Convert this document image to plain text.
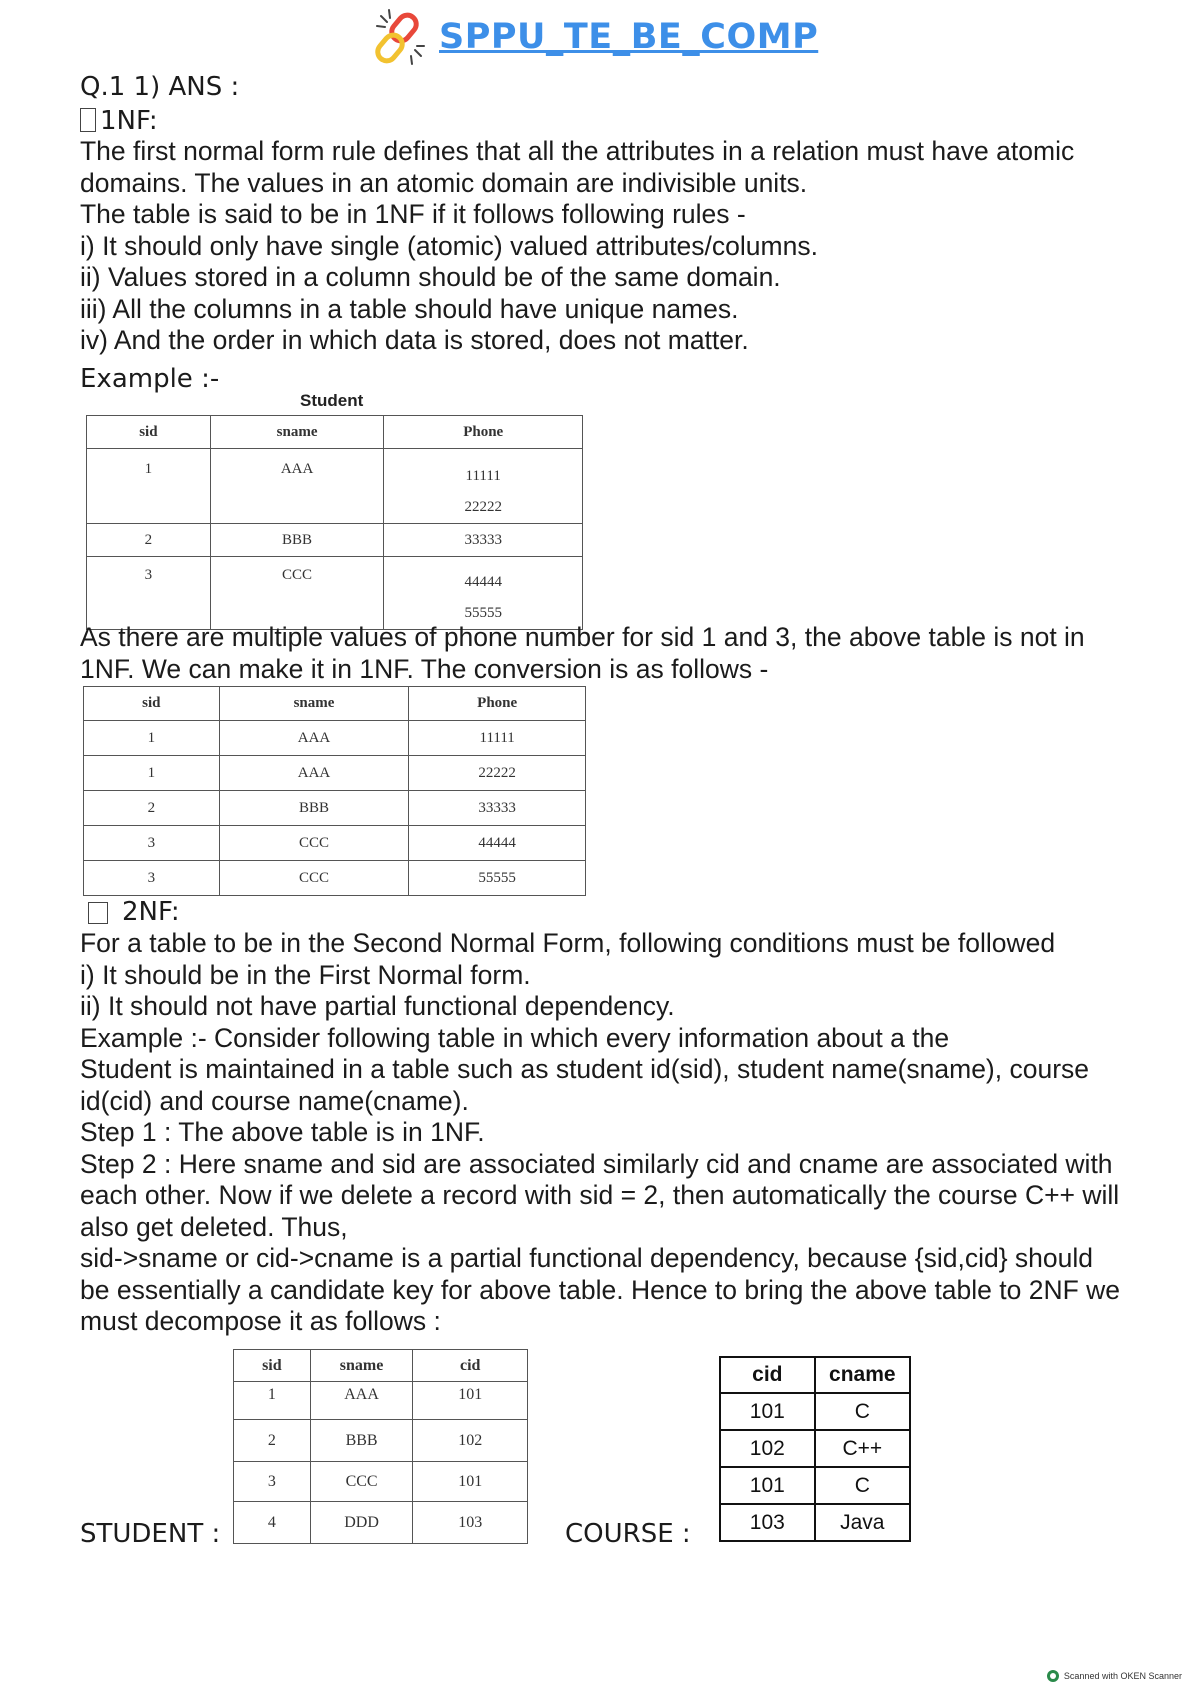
SPPU_TE_BE_COMP
Q.1 1) ANS :
1NF:
The first normal form rule defines that all the attributes in a relation must have atomic
domains. The values in an atomic domain are indivisible units.
The table is said to be in 1NF if it follows following rules -
i) It should only have single (atomic) valued attributes/columns.
ii) Values stored in a column should be of the same domain.
iii) All the columns in a table should have unique names.
iv) And the order in which data is stored, does not matter.
Example :-
Student
sid	sname	Phone
1	AAA	11111
22222

2	BBB	33333
3	CCC	44444
55555
As there are multiple values of phone number for sid 1 and 3, the above table is not in
1NF. We can make it in 1NF. The conversion is as follows -
sid	sname	Phone
1	AAA	11111
1	AAA	22222
2	BBB	33333
3	CCC	44444
3	CCC	55555
2NF:
For a table to be in the Second Normal Form, following conditions must be followed
i) It should be in the First Normal form.
ii) It should not have partial functional dependency.
Example :- Consider following table in which every information about a the
Student is maintained in a table such as student id(sid), student name(sname), course
id(cid) and course name(cname).
Step 1 : The above table is in 1NF.
Step 2 : Here sname and sid are associated similarly cid and cname are associated with
each other. Now if we delete a record with sid = 2, then automatically the course C++ will
also get deleted. Thus,
sid->sname or cid->cname is a partial functional dependency, because {sid,cid} should
be essentially a candidate key for above table. Hence to bring the above table to 2NF we
must decompose it as follows :
STUDENT :
sid	sname	cid
1	AAA	101
2	BBB	102
3	CCC	101
4	DDD	103	COURSE :
cid	cname
101	C
102	C++
101	C
103	Java
Scanned with OKEN Scanner
